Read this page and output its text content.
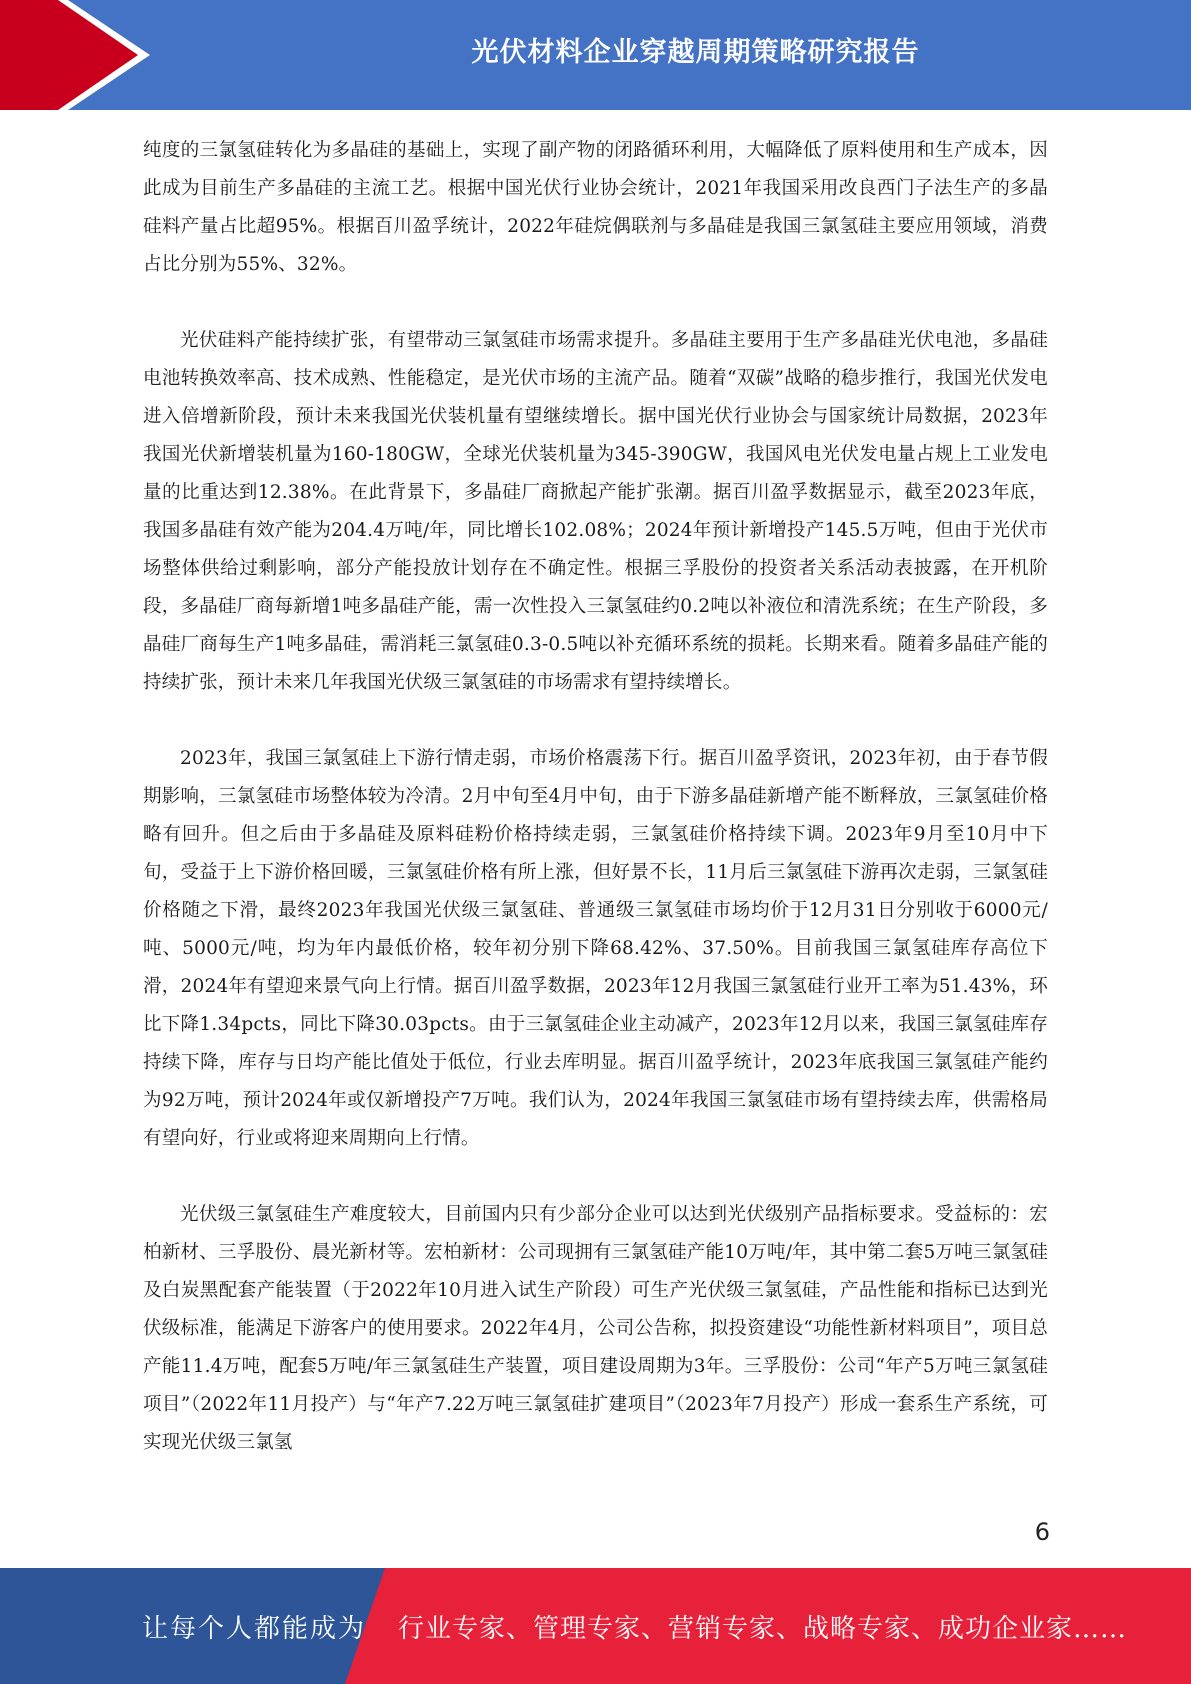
光伏材料企业穿越周期策略研究报告

纯度的三氯氢硅转化为多晶硅的基础上，实现了副产物的闭路循环利用，大幅降低了原料使用和生产成本，因此成为目前生产多晶硅的主流工艺。根据中国光伏行业协会统计，2021年我国采用改良西门子法生产的多晶硅料产量占比超95%。根据百川盈孚统计，2022年硅烷偶联剂与多晶硅是我国三氯氢硅主要应用领域，消费占比分别为55%、32%。

光伏硅料产能持续扩张，有望带动三氯氢硅市场需求提升。多晶硅主要用于生产多晶硅光伏电池，多晶硅电池转换效率高、技术成熟、性能稳定，是光伏市场的主流产品。随着“双碳”战略的稳步推行，我国光伏发电进入倍增新阶段，预计未来我国光伏装机量有望继续增长。据中国光伏行业协会与国家统计局数据，2023年我国光伏新增装机量为160-180GW，全球光伏装机量为345-390GW，我国风电光伏发电量占规上工业发电量的比重达到12.38%。在此背景下，多晶硅厂商掀起产能扩张潮。据百川盈孚数据显示，截至2023年底，我国多晶硅有效产能为204.4万吨/年，同比增长102.08%；2024年预计新增投产145.5万吨，但由于光伏市场整体供给过剩影响，部分产能投放计划存在不确定性。根据三孚股份的投资者关系活动表披露，在开机阶段，多晶硅厂商每新增1吨多晶硅产能，需一次性投入三氯氢硅约0.2吨以补液位和清洗系统；在生产阶段，多晶硅厂商每生产1吨多晶硅，需消耗三氯氢硅0.3-0.5吨以补充循环系统的损耗。长期来看。随着多晶硅产能的持续扩张，预计未来几年我国光伏级三氯氢硅的市场需求有望持续增长。

2023年，我国三氯氢硅上下游行情走弱，市场价格震荡下行。据百川盈孚资讯，2023年初，由于春节假期影响，三氯氢硅市场整体较为冷清。2月中旬至4月中旬，由于下游多晶硅新增产能不断释放，三氯氢硅价格略有回升。但之后由于多晶硅及原料硅粉价格持续走弱，三氯氢硅价格持续下调。2023年9月至10月中下旬，受益于上下游价格回暖，三氯氢硅价格有所上涨，但好景不长，11月后三氯氢硅下游再次走弱，三氯氢硅价格随之下滑，最终2023年我国光伏级三氯氢硅、普通级三氯氢硅市场均价于12月31日分别收于6000元/吨、5000元/吨，均为年内最低价格，较年初分别下降68.42%、37.50%。目前我国三氯氢硅库存高位下滑，2024年有望迎来景气向上行情。据百川盈孚数据，2023年12月我国三氯氢硅行业开工率为51.43%，环比下降1.34pcts，同比下降30.03pcts。由于三氯氢硅企业主动减产，2023年12月以来，我国三氯氢硅库存持续下降，库存与日均产能比值处于低位，行业去库明显。据百川盈孚统计，2023年底我国三氯氢硅产能约为92万吨，预计2024年或仅新增投产7万吨。我们认为，2024年我国三氯氢硅市场有望持续去库，供需格局有望向好，行业或将迎来周期向上行情。

光伏级三氯氢硅生产难度较大，目前国内只有少部分企业可以达到光伏级别产品指标要求。受益标的：宏柏新材、三孚股份、晨光新材等。宏柏新材：公司现拥有三氯氢硅产能10万吨/年，其中第二套5万吨三氯氢硅及白炭黑配套产能装置（于2022年10月进入试生产阶段）可生产光伏级三氯氢硅，产品性能和指标已达到光伏级标准，能满足下游客户的使用要求。2022年4月，公司公告称，拟投资建设“功能性新材料项目”，项目总产能11.4万吨，配套5万吨/年三氯氢硅生产装置，项目建设周期为3年。三孚股份：公司“年产5万吨三氯氢硅项目”（2022年11月投产）与“年产7.22万吨三氯氢硅扩建项目”（2023年7月投产）形成一套系生产系统，可实现光伏级三氯氢

6
让每个人都能成为 行业专家、管理专家、营销专家、战略专家、成功企业家……
